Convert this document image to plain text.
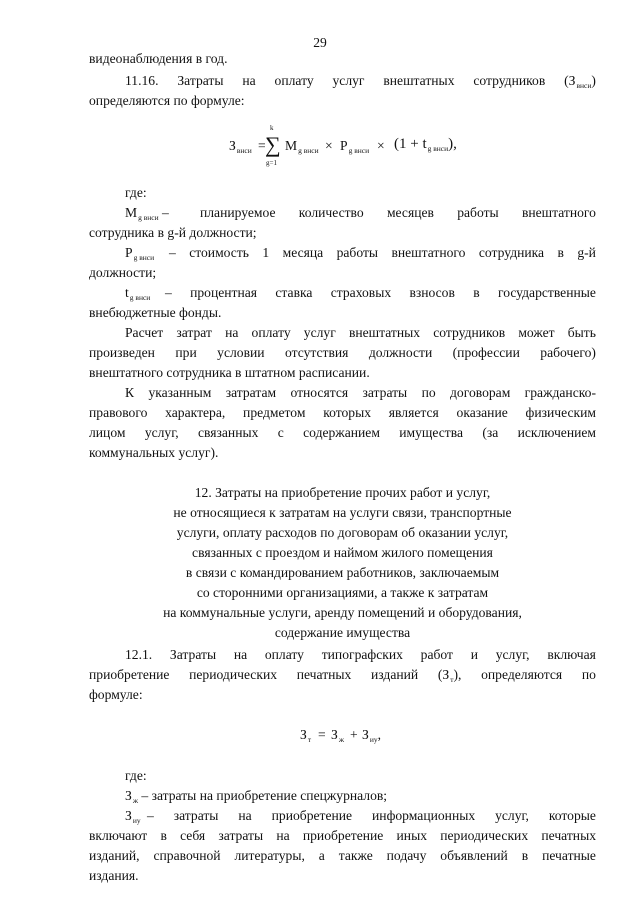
29
видеонаблюдения в год.
11.16. Затраты на оплату услуг внештатных сотрудников $(З_{внси})$
определяются по формуле:
$З_{внси}$ =
k
∑
g=1
$M_{g внси} \times P_{g внси} \times (1 + t_{g внси})$,
где:
$M_{g внси}$ – планируемое количество месяцев работы внештатного
сотрудника в g-й должности;
$P_{g внси}$ – стоимость 1 месяца работы внештатного сотрудника в g-й
должности;
$t_{g внси}$ – процентная ставка страховых взносов в государственные
внебюджетные фонды.
Расчет затрат на оплату услуг внештатных сотрудников может быть
произведен при условии отсутствия должности (профессии рабочего)
внештатного сотрудника в штатном расписании.
К указанным затратам относятся затраты по договорам гражданско-
правового характера, предметом которых является оказание физическим
лицом услуг, связанных с содержанием имущества (за исключением
коммунальных услуг).
12. Затраты на приобретение прочих работ и услуг,
не относящиеся к затратам на услуги связи, транспортные
услуги, оплату расходов по договорам об оказании услуг,
связанных с проездом и наймом жилого помещения
в связи с командированием работников, заключаемым
со сторонними организациями, а также к затратам
на коммунальные услуги, аренду помещений и оборудования,
содержание имущества
12.1. Затраты на оплату типографских работ и услуг, включая
приобретение периодических печатных изданий $(З_т)$, определяются по
формуле:
$З_т = З_ж + З_{иу}$,
где:
$З_ж$ – затраты на приобретение спецжурналов;
$З_{иу}$ – затраты на приобретение информационных услуг, которые
включают в себя затраты на приобретение иных периодических печатных
изданий, справочной литературы, а также подачу объявлений в печатные
издания.
